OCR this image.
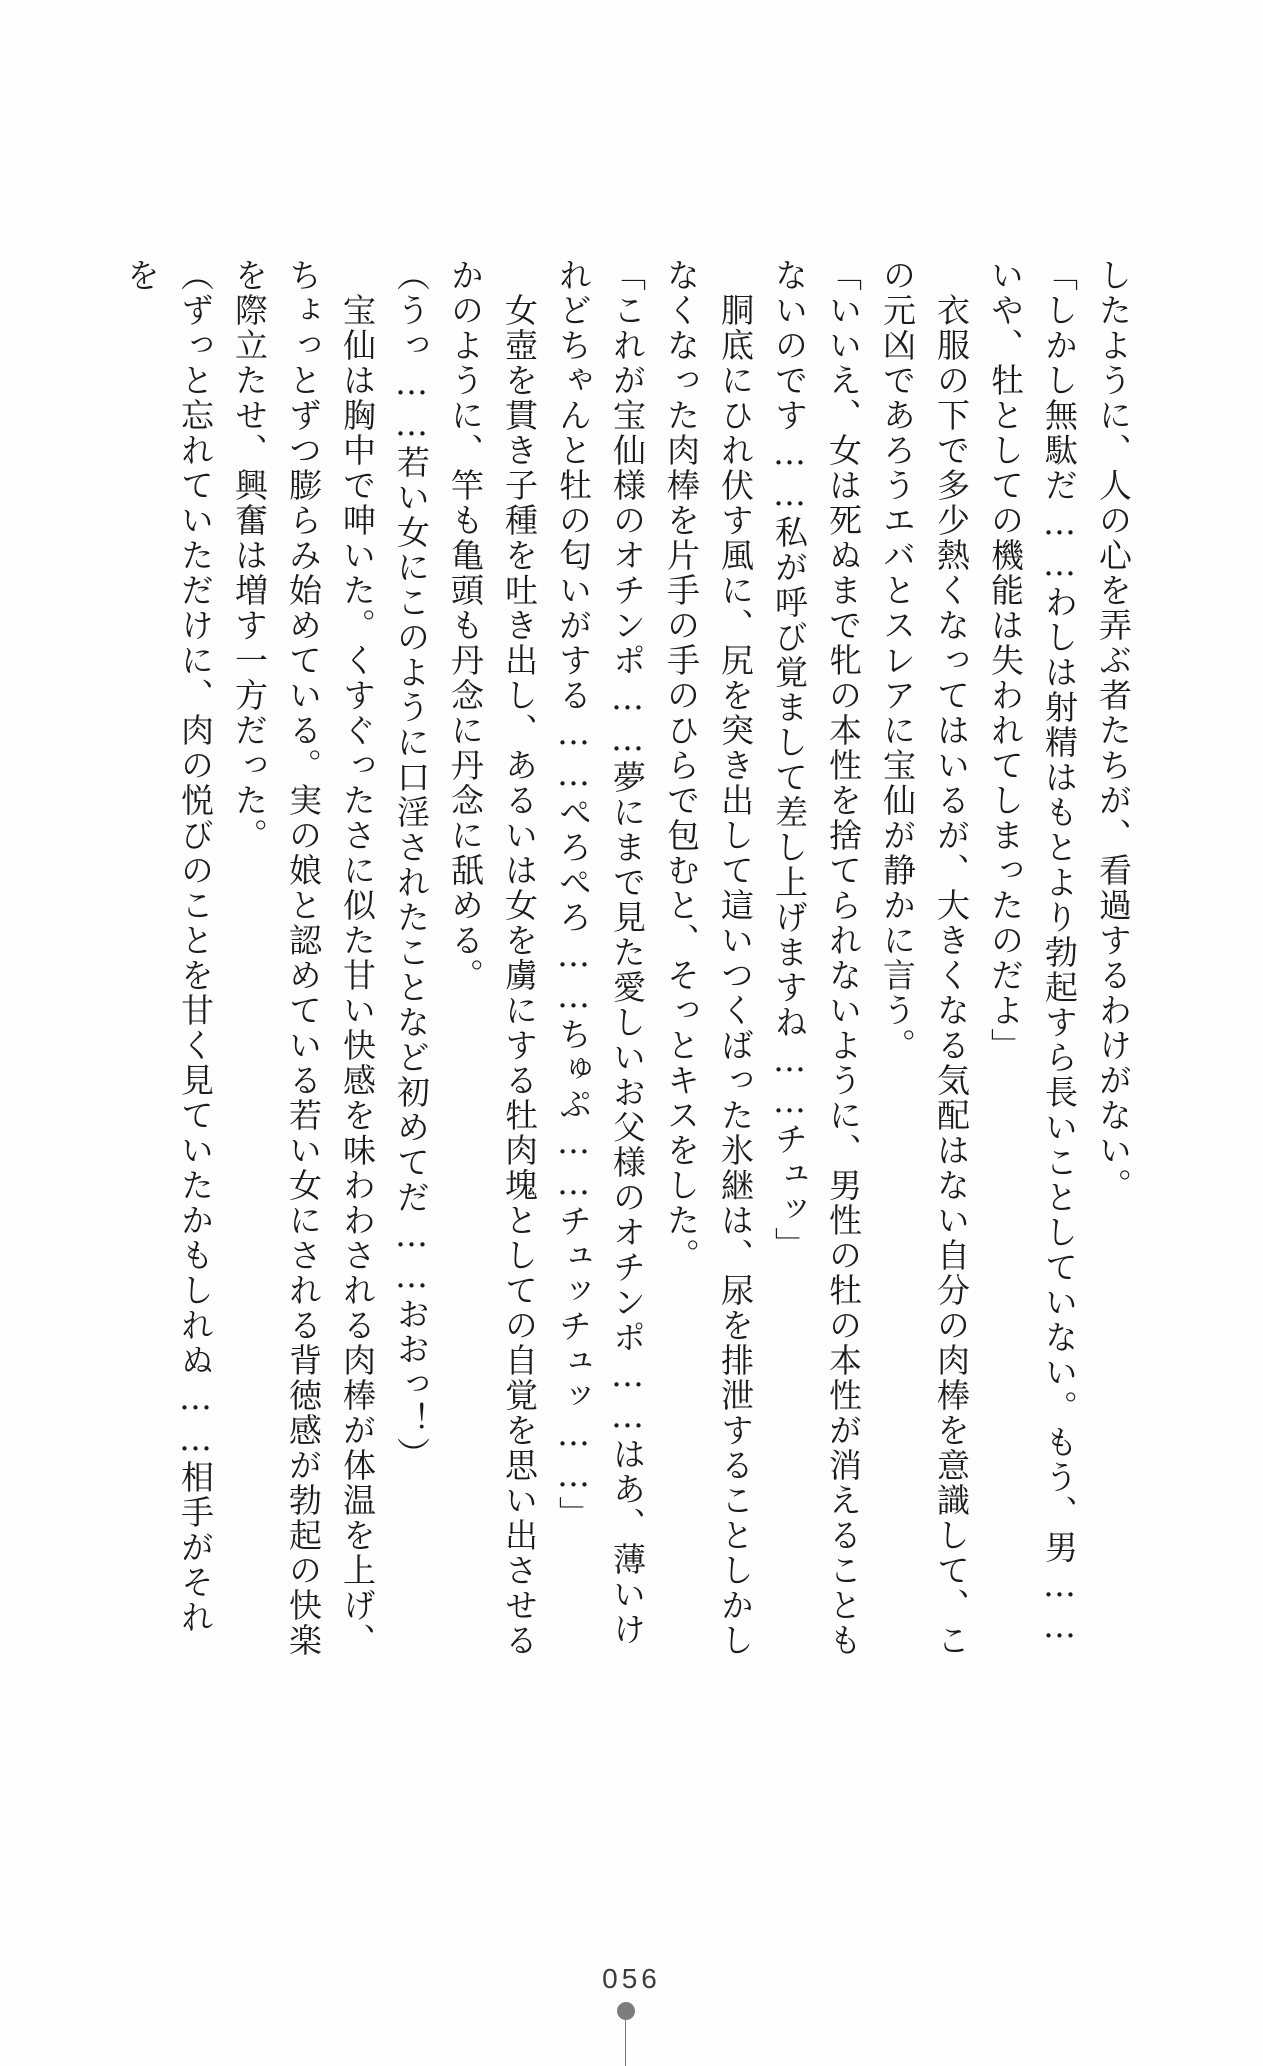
したように、人の心を弄ぶ者たちが、看過するわけがない。

「しかし無駄だ……わしは射精はもとより勃起すら長いことしていない。もう、男……いや、牡としての機能は失われてしまったのだよ」

衣服の下で多少熱くなってはいるが、大きくなる気配はない自分の肉棒を意識して、この元凶であろうエバとスレアに宝仙が静かに言う。

「いいえ、女は死ぬまで牝の本性を捨てられないように、男性の牡の本性が消えることもないのです……私が呼び覚まして差し上げますね……チュッ」

胴底にひれ伏す風に、尻を突き出して這いつくばった氷継は、尿を排泄することしかしなくなった肉棒を片手の手のひらで包むと、そっとキスをした。

「これが宝仙様のオチンポ……夢にまで見た愛しいお父様のオチンポ……はあ、薄いけれどちゃんと牡の匂いがする……ぺろぺろ……ちゅぷ……チュッチュッ……」

女壺を貫き子種を吐き出し、あるいは女を虜にする牡肉塊としての自覚を思い出させるかのように、竿も亀頭も丹念に丹念に舐める。

（うっ……若い女にこのように口淫されたことなど初めてだ……おおっ！）

宝仙は胸中で呻いた。くすぐったさに似た甘い快感を味わわされる肉棒が体温を上げ、ちょっとずつ膨らみ始めている。実の娘と認めている若い女にされる背徳感が勃起の快楽を際立たせ、興奮は増す一方だった。

（ずっと忘れていただけに、肉の悦びのことを甘く見ていたかもしれぬ……相手がそれを

056
